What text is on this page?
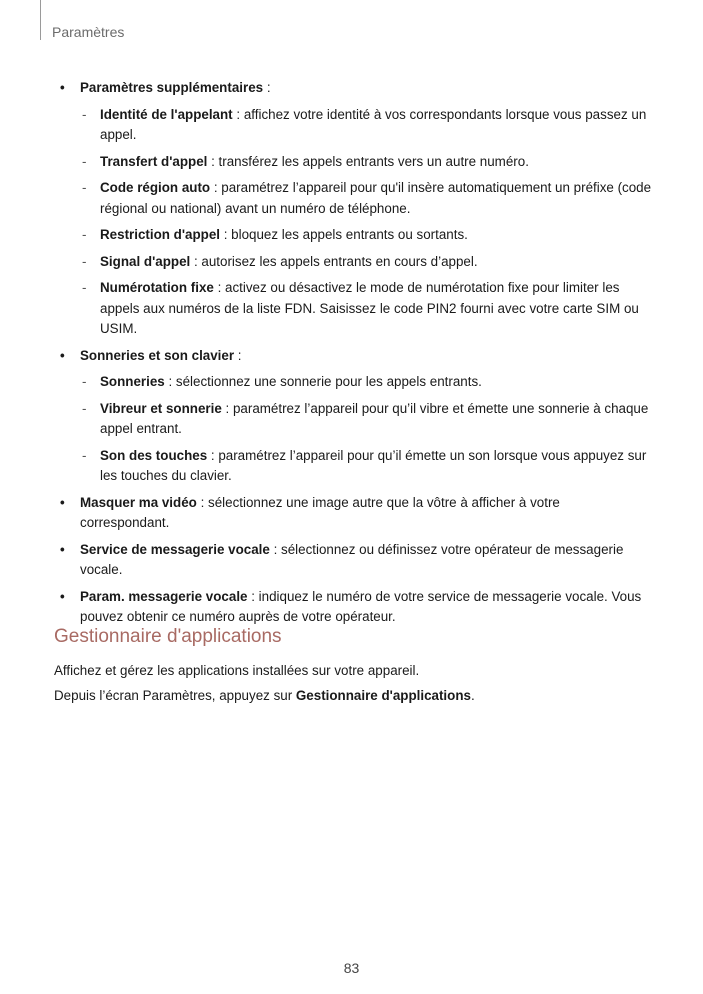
Paramètres
• Paramètres supplémentaires :
- Identité de l'appelant : affichez votre identité à vos correspondants lorsque vous passez un appel.
- Transfert d'appel : transférez les appels entrants vers un autre numéro.
- Code région auto : paramétrez l’appareil pour qu'il insère automatiquement un préfixe (code régional ou national) avant un numéro de téléphone.
- Restriction d'appel : bloquez les appels entrants ou sortants.
- Signal d'appel : autorisez les appels entrants en cours d’appel.
- Numérotation fixe : activez ou désactivez le mode de numérotation fixe pour limiter les appels aux numéros de la liste FDN. Saisissez le code PIN2 fourni avec votre carte SIM ou USIM.
• Sonneries et son clavier :
- Sonneries : sélectionnez une sonnerie pour les appels entrants.
- Vibreur et sonnerie : paramétrez l’appareil pour qu’il vibre et émette une sonnerie à chaque appel entrant.
- Son des touches : paramétrez l’appareil pour qu’il émette un son lorsque vous appuyez sur les touches du clavier.
• Masquer ma vidéo : sélectionnez une image autre que la vôtre à afficher à votre correspondant.
• Service de messagerie vocale : sélectionnez ou définissez votre opérateur de messagerie vocale.
• Param. messagerie vocale : indiquez le numéro de votre service de messagerie vocale. Vous pouvez obtenir ce numéro auprès de votre opérateur.
Gestionnaire d'applications
Affichez et gérez les applications installées sur votre appareil.
Depuis l’écran Paramètres, appuyez sur Gestionnaire d'applications.
83
